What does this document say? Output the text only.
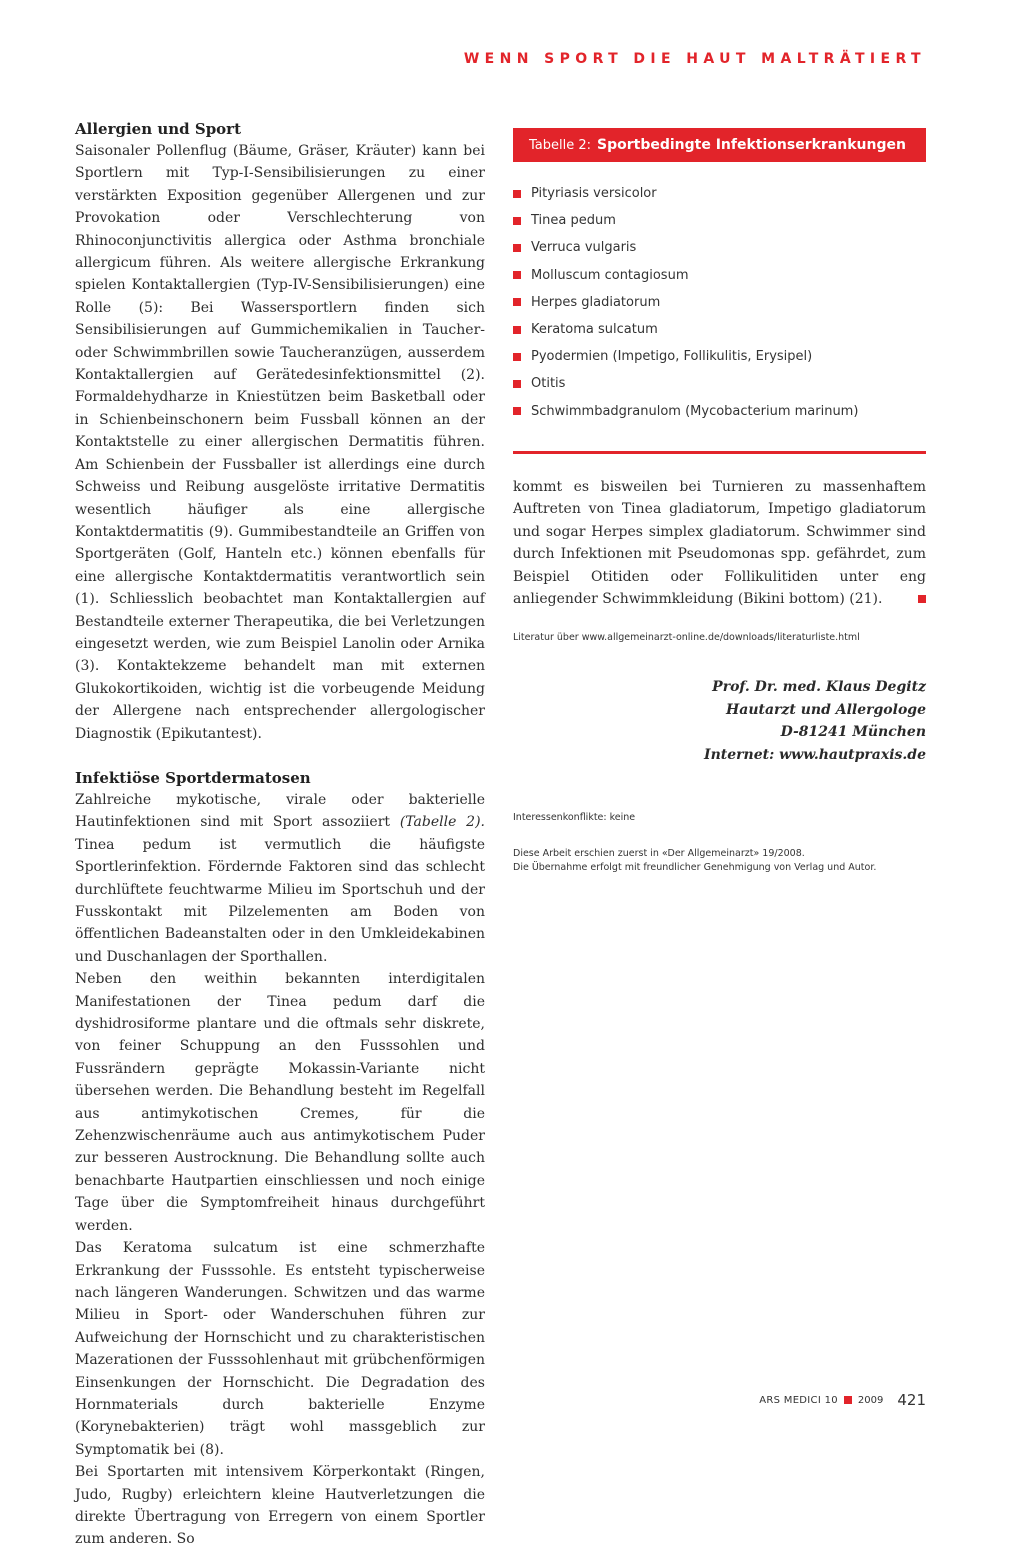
WENN SPORT DIE HAUT MALTRÄTIERT
Allergien und Sport

Saisonaler Pollenflug (Bäume, Gräser, Kräuter) kann bei Sportlern mit Typ-I-Sensibilisierungen zu einer verstärkten Exposition gegenüber Allergenen und zur Provokation oder Verschlechterung von Rhinoconjunctivitis allergica oder Asthma bronchiale allergicum führen. Als weitere allergische Erkrankung spielen Kontaktallergien (Typ-IV-Sensibilisierungen) eine Rolle (5): Bei Wassersportlern finden sich Sensibilisierungen auf Gummichemikalien in Taucher- oder Schwimmbrillen sowie Taucheranzügen, ausserdem Kontaktallergien auf Gerätedesinfektionsmittel (2). Formaldehydharze in Kniestützen beim Basketball oder in Schienbeinschonern beim Fussball können an der Kontaktstelle zu einer allergischen Dermatitis führen. Am Schienbein der Fussballer ist allerdings eine durch Schweiss und Reibung ausgelöste irritative Dermatitis wesentlich häufiger als eine allergische Kontaktdermatitis (9). Gummibestandteile an Griffen von Sportgeräten (Golf, Hanteln etc.) können ebenfalls für eine allergische Kontaktdermatitis verantwortlich sein (1). Schliesslich beobachtet man Kontaktallergien auf Bestandteile externer Therapeutika, die bei Verletzungen eingesetzt werden, wie zum Beispiel Lanolin oder Arnika (3). Kontaktekzeme behandelt man mit externen Glukokortikoiden, wichtig ist die vorbeugende Meidung der Allergene nach entsprechender allergologischer Diagnostik (Epikutantest).

Infektiöse Sportdermatosen

Zahlreiche mykotische, virale oder bakterielle Hautinfektionen sind mit Sport assoziiert (Tabelle 2). Tinea pedum ist vermutlich die häufigste Sportlerinfektion. Fördernde Faktoren sind das schlecht durchlüftete feuchtwarme Milieu im Sportschuh und der Fusskontakt mit Pilzelementen am Boden von öffentlichen Badeanstalten oder in den Umkleidekabinen und Duschanlagen der Sporthallen.

Neben den weithin bekannten interdigitalen Manifestationen der Tinea pedum darf die dyshidrosiforme plantare und die oftmals sehr diskrete, von feiner Schuppung an den Fusssohlen und Fussrändern geprägte Mokassin-Variante nicht übersehen werden. Die Behandlung besteht im Regelfall aus antimykotischen Cremes, für die Zehenzwischenräume auch aus antimykotischem Puder zur besseren Austrocknung. Die Behandlung sollte auch benachbarte Hautpartien einschliessen und noch einige Tage über die Symptomfreiheit hinaus durchgeführt werden.

Das Keratoma sulcatum ist eine schmerzhafte Erkrankung der Fusssohle. Es entsteht typischerweise nach längeren Wanderungen. Schwitzen und das warme Milieu in Sport- oder Wanderschuhen führen zur Aufweichung der Hornschicht und zu charakteristischen Mazerationen der Fusssohlenhaut mit grübchenförmigen Einsenkungen der Hornschicht. Die Degradation des Hornmaterials durch bakterielle Enzyme (Korynebakterien) trägt wohl massgeblich zur Symptomatik bei (8).

Bei Sportarten mit intensivem Körperkontakt (Ringen, Judo, Rugby) erleichtern kleine Hautverletzungen die direkte Übertragung von Erregern von einem Sportler zum anderen. So

Tabelle 2: Sportbedingte Infektionserkrankungen
Pityriasis versicolor
Tinea pedum
Verruca vulgaris
Molluscum contagiosum
Herpes gladiatorum
Keratoma sulcatum
Pyodermien (Impetigo, Follikulitis, Erysipel)
Otitis
Schwimmbadgranulom (Mycobacterium marinum)

kommt es bisweilen bei Turnieren zu massenhaftem Auftreten von Tinea gladiatorum, Impetigo gladiatorum und sogar Herpes simplex gladiatorum. Schwimmer sind durch Infektionen mit Pseudomonas spp. gefährdet, zum Beispiel Otitiden oder Follikulitiden unter eng anliegender Schwimmkleidung (Bikini bottom) (21).

Literatur über www.allgemeinarzt-online.de/downloads/literaturliste.html

Prof. Dr. med. Klaus Degitz

Hautarzt und Allergologe

D-81241 München

Internet: www.hautpraxis.de

Interessenkonflikte: keine

Diese Arbeit erschien zuerst in «Der Allgemeinarzt» 19/2008.

Die Übernahme erfolgt mit freundlicher Genehmigung von Verlag und Autor.

ARS MEDICI 10 2009 421
